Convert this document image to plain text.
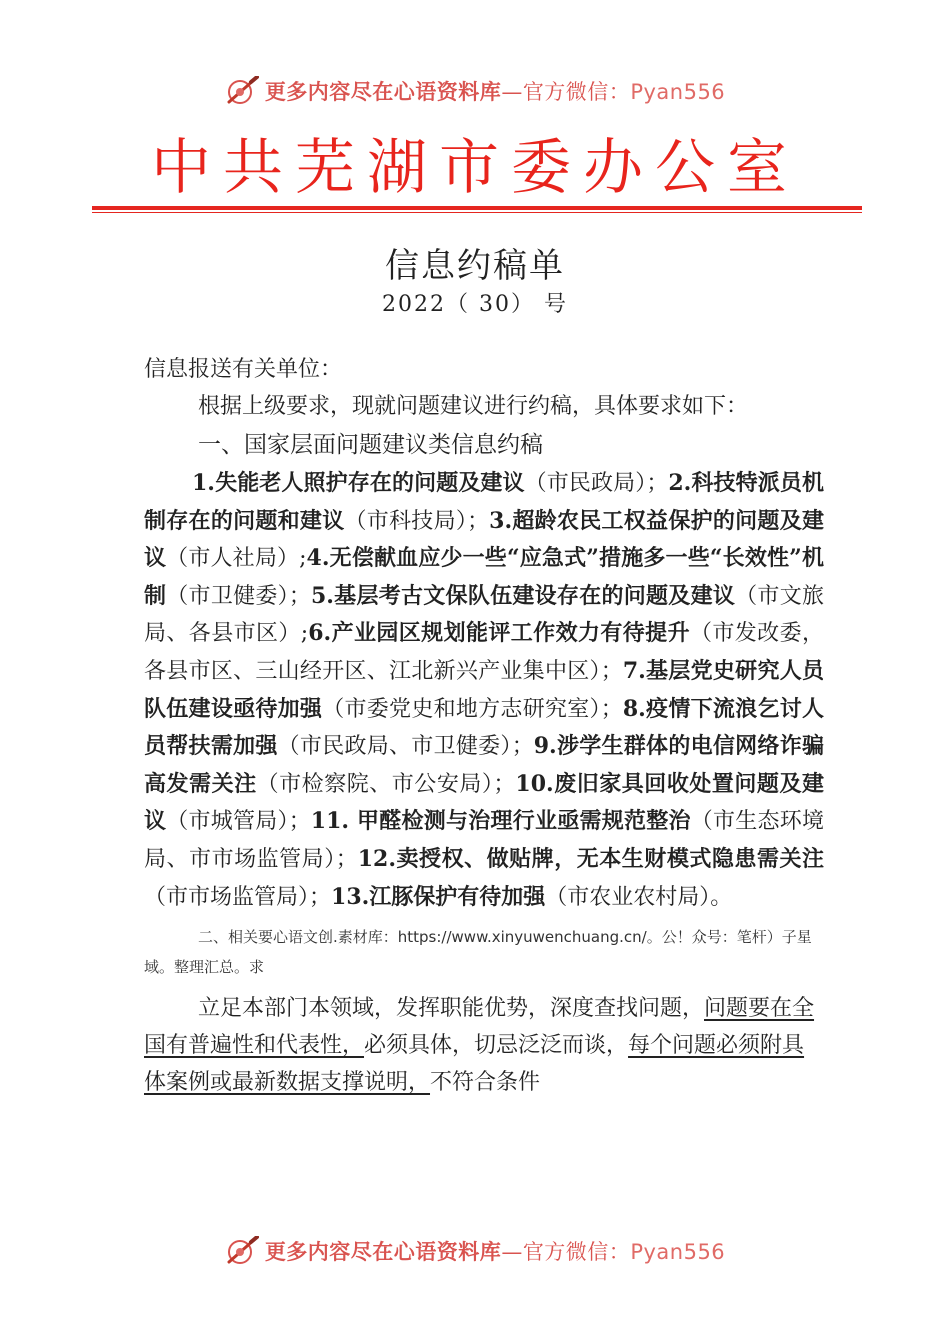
更多内容尽在心语资料库—官方微信：Pyan556
中共芜湖市委办公室
信息约稿单
2022（ 30） 号

信息报送有关单位：

根据上级要求，现就问题建议进行约稿，具体要求如下：

一、国家层面问题建议类信息约稿

1.失能老人照护存在的问题及建议（市民政局）；2.科技特派员机制存在的问题和建议（市科技局）；3.超龄农民工权益保护的问题及建议（市人社局）;4.无偿献血应少一些“应急式”措施多一些“长效性”机制（市卫健委）；5.基层考古文保队伍建设存在的问题及建议（市文旅局、各县市区）;6.产业园区规划能评工作效力有待提升（市发改委，各县市区、三山经开区、江北新兴产业集中区）；7.基层党史研究人员队伍建设亟待加强（市委党史和地方志研究室）；8.疫情下流浪乞讨人员帮扶需加强（市民政局、市卫健委）；9.涉学生群体的电信网络诈骗高发需关注（市检察院、市公安局）；10.废旧家具回收处置问题及建议（市城管局）；11. 甲醛检测与治理行业亟需规范整治（市生态环境局、市市场监管局）；12.卖授权、做贴牌，无本生财模式隐患需关注（市市场监管局）；13.江豚保护有待加强（市农业农村局）。

二、相关要心语文创.素材库：https://www.xinyuwenchuang.cn/。公！众号：笔杆）子星域。整理汇总。求

立足本部门本领域，发挥职能优势，深度查找问题，问题要在全国有普遍性和代表性，必须具体，切忌泛泛而谈，每个问题必须附具体案例或最新数据支撑说明，不符合条件

更多内容尽在心语资料库—官方微信：Pyan556
